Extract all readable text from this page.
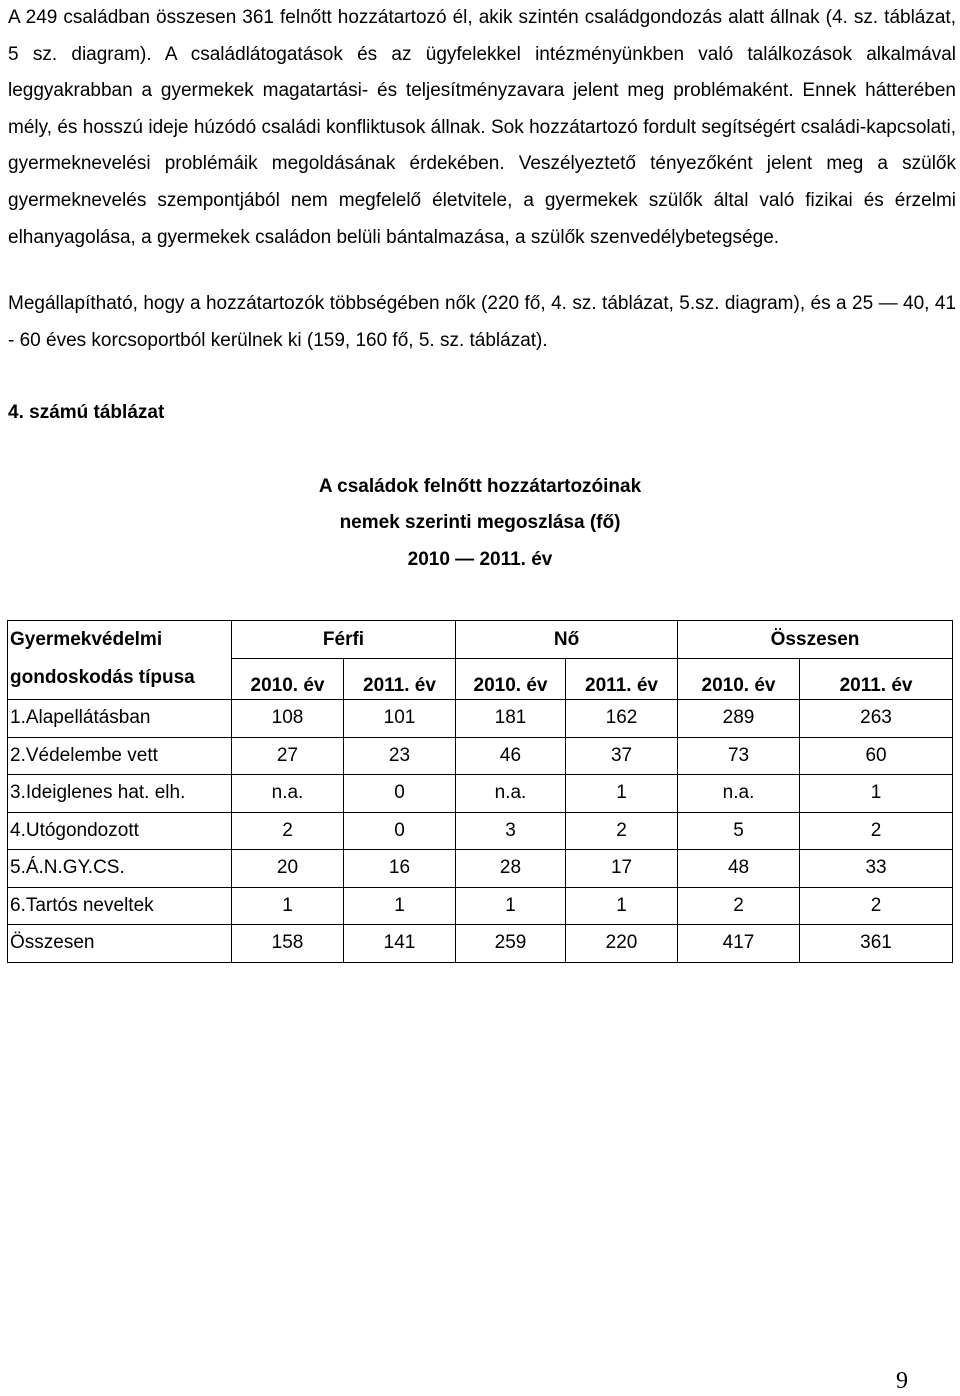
A 249 családban összesen 361 felnőtt hozzátartozó él, akik szintén családgondozás alatt állnak (4. sz. táblázat, 5 sz. diagram). A családlátogatások és az ügyfelekkel intézményünkben való találkozások alkalmával leggyakrabban a gyermekek magatartási- és teljesítményzavara jelent meg problémaként. Ennek hátterében mély, és hosszú ideje húzódó családi konfliktusok állnak. Sok hozzátartozó fordult segítségért családi-kapcsolati, gyermeknevelési problémáik megoldásának érdekében. Veszélyeztető tényezőként jelent meg a szülők gyermeknevelés szempontjából nem megfelelő életvitele, a gyermekek szülők által való fizikai és érzelmi elhanyagolása, a gyermekek családon belüli bántalmazása, a szülők szenvedélybetegsége.

Megállapítható, hogy a hozzátartozók többségében nők (220 fő, 4. sz. táblázat, 5.sz. diagram), és a 25 — 40, 41 - 60 éves korcsoportból kerülnek ki (159, 160 fő, 5. sz. táblázat).

4. számú táblázat

A családok felnőtt hozzátartozóinak

nemek szerinti megoszlása (fő)

2010 — 2011. év

Gyermekvédelmi
gondoskodás típusa	Férfi		Nő		Összesen	
	2010. év	2011. év	2010. év	2011. év	2010. év	2011. év
1.Alapellátásban	108	101	181	162	289	263
2.Védelembe vett	27	23	46	37	73	60
3.Ideiglenes hat. elh.	n.a.	0	n.a.	1	n.a.	1
4.Utógondozott	2	0	3	2	5	2
5.Á.N.GY.CS.	20	16	28	17	48	33
6.Tartós neveltek	1	1	1	1	2	2
Összesen	158	141	259	220	417	361
9
